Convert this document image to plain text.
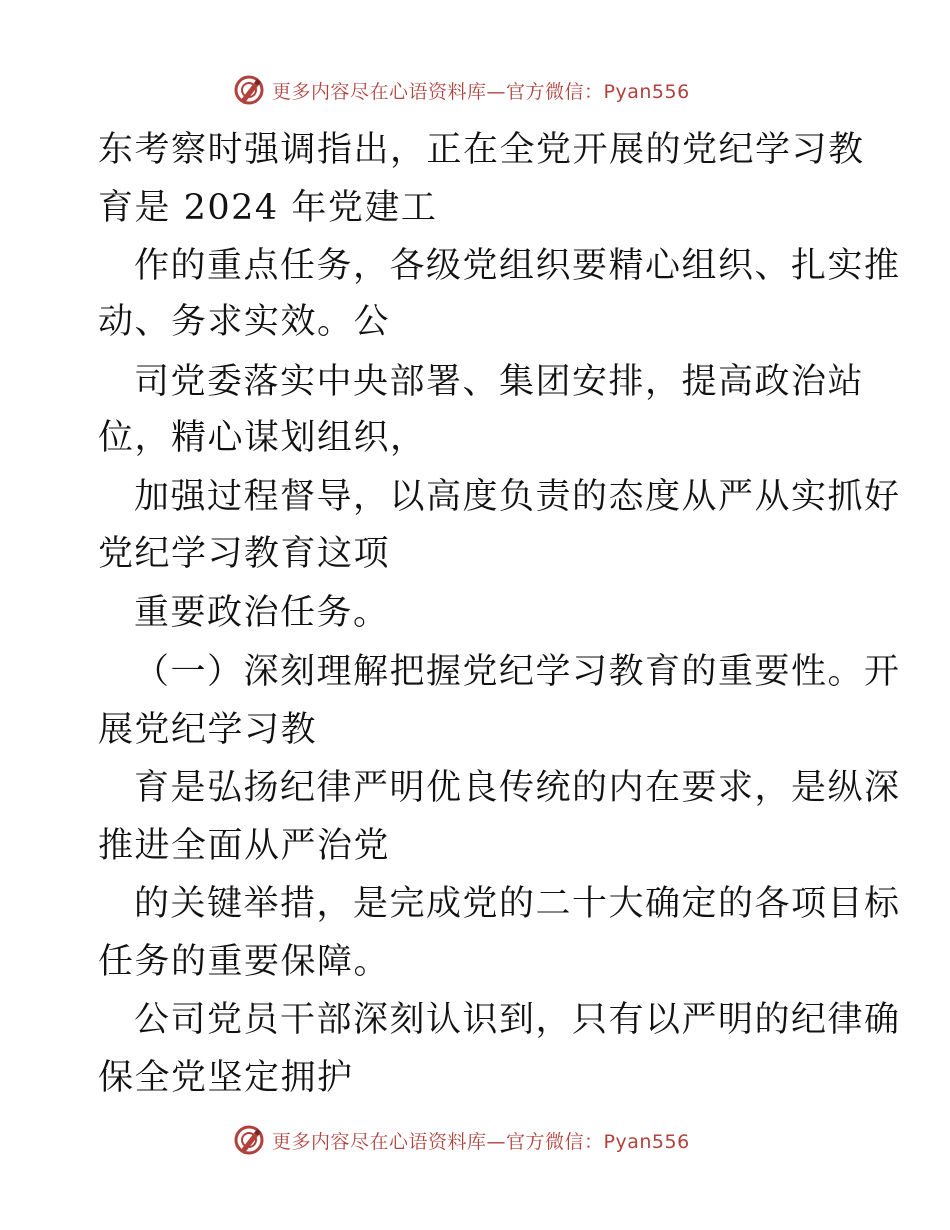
更多内容尽在心语资料库—官方微信：Pyan556
东考察时强调指出，正在全党开展的党纪学习教
育是 2024 年党建工
作的重点任务，各级党组织要精心组织、扎实推
动、务求实效。公
司党委落实中央部署、集团安排，提高政治站
位，精心谋划组织，
加强过程督导，以高度负责的态度从严从实抓好
党纪学习教育这项
重要政治任务。
（一）深刻理解把握党纪学习教育的重要性。开
展党纪学习教
育是弘扬纪律严明优良传统的内在要求，是纵深
推进全面从严治党
的关键举措，是完成党的二十大确定的各项目标
任务的重要保障。
公司党员干部深刻认识到，只有以严明的纪律确
保全党坚定拥护
更多内容尽在心语资料库—官方微信：Pyan556
